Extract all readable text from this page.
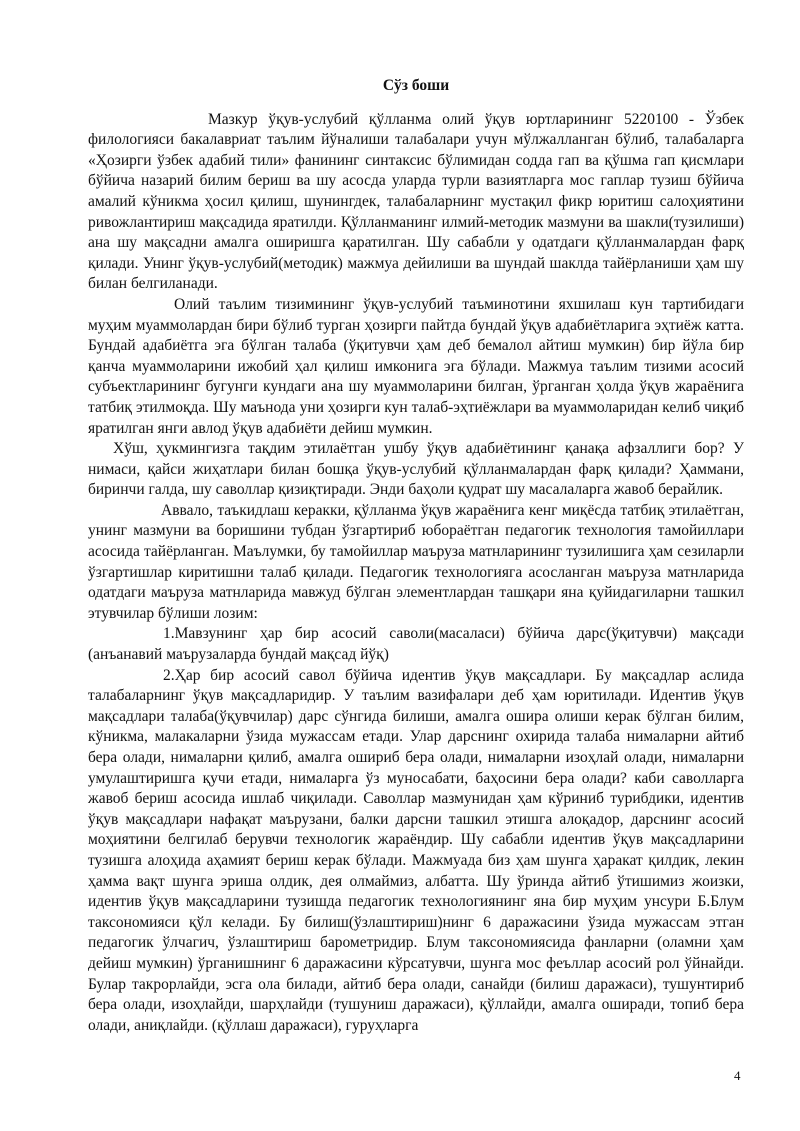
Сўз боши

Мазкур ўқув-услубий қўлланма олий ўқув юртларининг 5220100 - Ўзбек филологияси бакалавриат таълим йўналиши талабалари учун мўлжалланган бўлиб, талабаларга «Ҳозирги ўзбек адабий тили» фанининг синтаксис бўлимидан содда гап ва қўшма гап қисмлари бўйича назарий билим бериш ва шу асосда уларда турли вазиятларга мос гаплар тузиш бўйича амалий кўникма ҳосил қилиш, шунингдек, талабаларнинг мустақил фикр юритиш салоҳиятини ривожлантириш мақсадида яратилди. Қўлланманинг илмий-методик мазмуни ва шакли(тузилиши) ана шу мақсадни амалга оширишга қаратилган. Шу сабабли у одатдаги қўлланмалардан фарқ қилади. Унинг ўқув-услубий(методик) мажмуа дейилиши ва шундай шаклда тайёрланиши ҳам шу билан белгиланади.

Олий таълим тизимининг ўқув-услубий таъминотини яхшилаш кун тартибидаги муҳим муаммолардан бири бўлиб турган ҳозирги пайтда бундай ўқув адабиётларига эҳтиёж катта. Бундай адабиётга эга бўлган талаба (ўқитувчи ҳам деб бемалол айтиш мумкин) бир йўла бир қанча муаммоларини ижобий ҳал қилиш имконига эга бўлади. Мажмуа таълим тизими асосий субъектларининг бугунги кундаги ана шу муаммоларини билган, ўрганган ҳолда ўқув жараёнига татбиқ этилмоқда. Шу маънода уни ҳозирги кун талаб-эҳтиёжлари ва муаммоларидан келиб чиқиб яратилган янги авлод ўқув адабиёти дейиш мумкин.

Хўш, ҳукмингизга тақдим этилаётган ушбу ўқув адабиётининг қанақа афзаллиги бор? У нимаси, қайси жиҳатлари билан бошқа ўқув-услубий қўлланмалардан фарқ қилади? Ҳаммани, биринчи галда, шу саволлар қизиқтиради. Энди баҳоли қудрат шу масалаларга жавоб берайлик.

Аввало, таъкидлаш керакки, қўлланма ўқув жараёнига кенг миқёсда татбиқ этилаётган, унинг мазмуни ва боришини тубдан ўзгартириб юбораётган педагогик технология тамойиллари асосида тайёрланган. Маълумки, бу тамойиллар маъруза матнларининг тузилишига ҳам сезиларли ўзгартишлар киритишни талаб қилади. Педагогик технологияга асосланган маъруза матнларида одатдаги маъруза матнларида мавжуд бўлган элементлардан ташқари яна қуйидагиларни ташкил этувчилар бўлиши лозим:

1.Мавзунинг ҳар бир асосий саволи(масаласи) бўйича дарс(ўқитувчи) мақсади (анъанавий маърузаларда бундай мақсад йўқ)

2.Ҳар бир асосий савол бўйича идентив ўқув мақсадлари. Бу мақсадлар аслида талабаларнинг ўқув мақсадларидир. У таълим вазифалари деб ҳам юритилади. Идентив ўқув мақсадлари талаба(ўқувчилар) дарс сўнгида билиши, амалга ошира олиши керак бўлган билим, кўникма, малакаларни ўзида мужассам етади. Улар дарснинг охирида талаба нималарни айтиб бера олади, нималарни қилиб, амалга ошириб бера олади, нималарни изоҳлай олади, нималарни умулаштиришга қучи етади, нималарга ўз муносабати, баҳосини бера олади? каби саволларга жавоб бериш асосида ишлаб чиқилади. Саволлар мазмунидан ҳам кўриниб турибдики, идентив ўқув мақсадлари нафақат маърузани, балки дарсни ташкил этишга алоқадор, дарснинг асосий моҳиятини белгилаб берувчи технологик жараёндир. Шу сабабли идентив ўқув мақсадларини тузишга алоҳида аҳамият бериш керак бўлади. Мажмуада биз ҳам шунга ҳаракат қилдик, лекин ҳамма вақт шунга эриша олдик, дея олмаймиз, албатта. Шу ўринда айтиб ўтишимиз жоизки, идентив ўқув мақсадларини тузишда педагогик технологиянинг яна бир муҳим унсури Б.Блум таксономияси қўл келади. Бу билиш(ўзлаштириш)нинг 6 даражасини ўзида мужассам этган педагогик ўлчагич, ўзлаштириш барометридир. Блум таксономиясида фанларни (оламни ҳам дейиш мумкин) ўрганишнинг 6 даражасини кўрсатувчи, шунга мос феъллар асосий рол ўйнайди. Булар такрорлайди, эсга ола билади, айтиб бера олади, санайди (билиш даражаси), тушунтириб бера олади, изоҳлайди, шарҳлайди (тушуниш даражаси), қўллайди, амалга оширади, топиб бера олади, аниқлайди. (қўллаш даражаси), гуруҳларга

4
